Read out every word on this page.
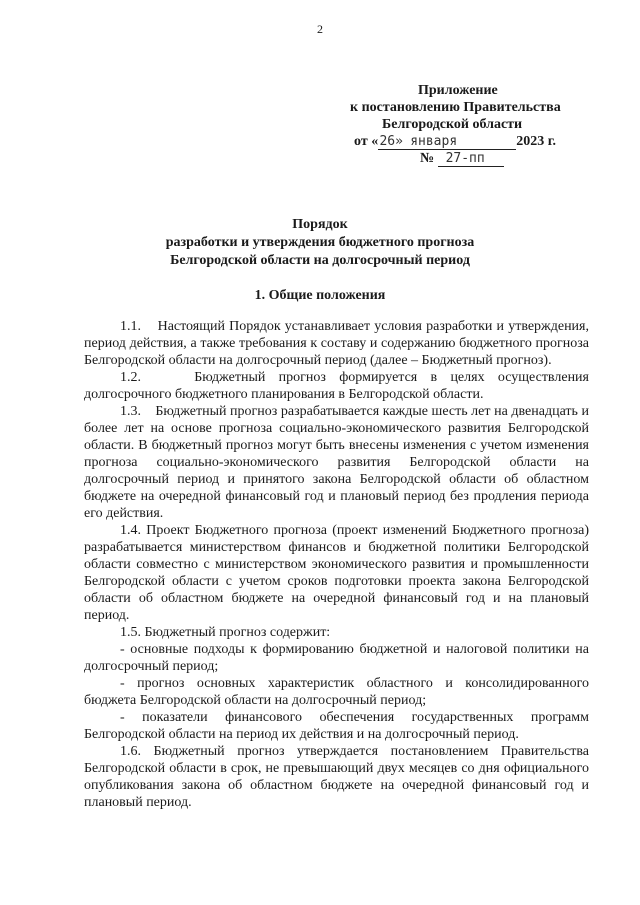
2
Приложение
к постановлению Правительства
Белгородской области
от «26» января	2023 г.
№ 27-пп
Порядок
разработки и утверждения бюджетного прогноза
Белгородской области на долгосрочный период
1. Общие положения

1.1.    Настоящий Порядок устанавливает условия разработки и утверждения, период действия, а также требования к составу и содержанию бюджетного прогноза Белгородской области на долгосрочный период (далее – Бюджетный прогноз).

1.2.    Бюджетный прогноз формируется в целях осуществления долгосрочного бюджетного планирования в Белгородской области.

1.3.    Бюджетный прогноз разрабатывается каждые шесть лет на двенадцать и более лет на основе прогноза социально-экономического развития Белгородской области. В бюджетный прогноз могут быть внесены изменения с учетом изменения прогноза социально-экономического развития Белгородской области на долгосрочный период и принятого закона Белгородской области об областном бюджете на очередной финансовый год и плановый период без продления периода его действия.

1.4. Проект Бюджетного прогноза (проект изменений Бюджетного прогноза) разрабатывается министерством финансов и бюджетной политики Белгородской области совместно с министерством экономического развития и промышленности Белгородской области с учетом сроков подготовки проекта закона Белгородской области об областном бюджете на очередной финансовый год и на плановый период.

1.5. Бюджетный прогноз содержит:

- основные подходы к формированию бюджетной и налоговой политики на долгосрочный период;

- прогноз основных характеристик областного и консолидированного бюджета Белгородской области на долгосрочный период;

- показатели финансового обеспечения государственных программ Белгородской области на период их действия и на долгосрочный период.

1.6. Бюджетный прогноз утверждается постановлением Правительства Белгородской области в срок, не превышающий двух месяцев со дня официального опубликования закона об областном бюджете на очередной финансовый год и плановый период.
